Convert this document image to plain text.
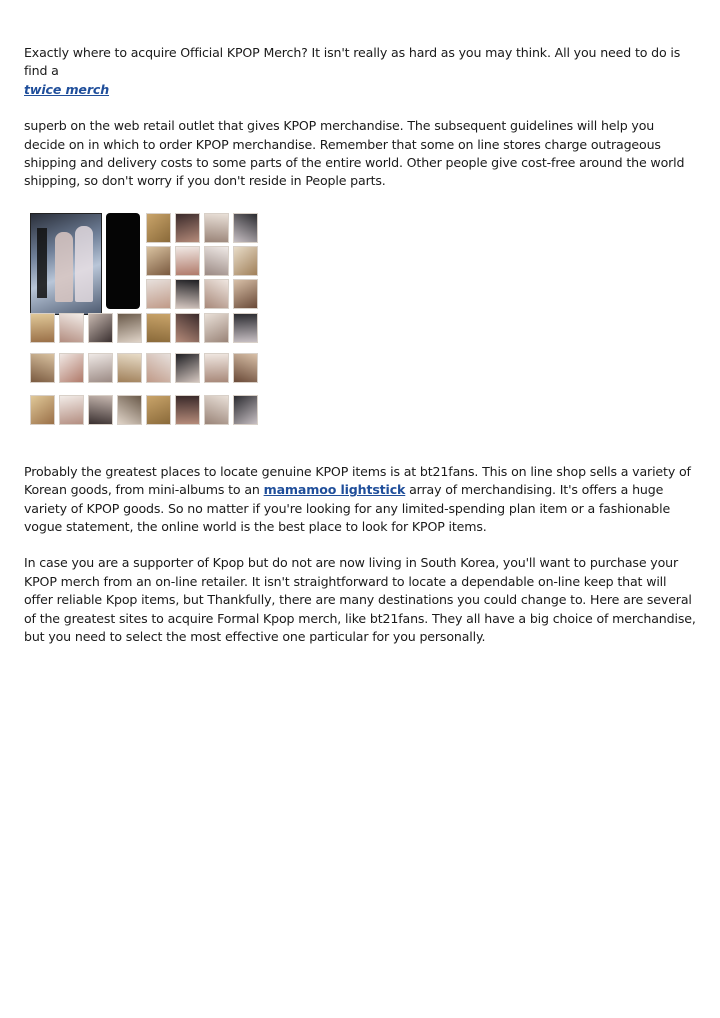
Exactly where to acquire Official KPOP Merch? It isn't really as hard as you may think. All you need to do is find a
twice merch

superb on the web retail outlet that gives KPOP merchandise. The subsequent guidelines will help you decide on in which to order KPOP merchandise. Remember that some on line stores charge outrageous shipping and delivery costs to some parts of the entire world. Other people give cost-free around the world shipping, so don't worry if you don't reside in People parts.

Probably the greatest places to locate genuine KPOP items is at bt21fans. This on line shop sells a variety of Korean goods, from mini-albums to an mamamoo lightstick array of merchandising. It's offers a huge variety of KPOP goods. So no matter if you're looking for any limited-spending plan item or a fashionable vogue statement, the online world is the best place to look for KPOP items.

In case you are a supporter of Kpop but do not are now living in South Korea, you'll want to purchase your KPOP merch from an on-line retailer. It isn't straightforward to locate a dependable on-line keep that will offer reliable Kpop items, but Thankfully, there are many destinations you could change to. Here are several of the greatest sites to acquire Formal Kpop merch, like bt21fans. They all have a big choice of merchandise, but you need to select the most effective one particular for you personally.
